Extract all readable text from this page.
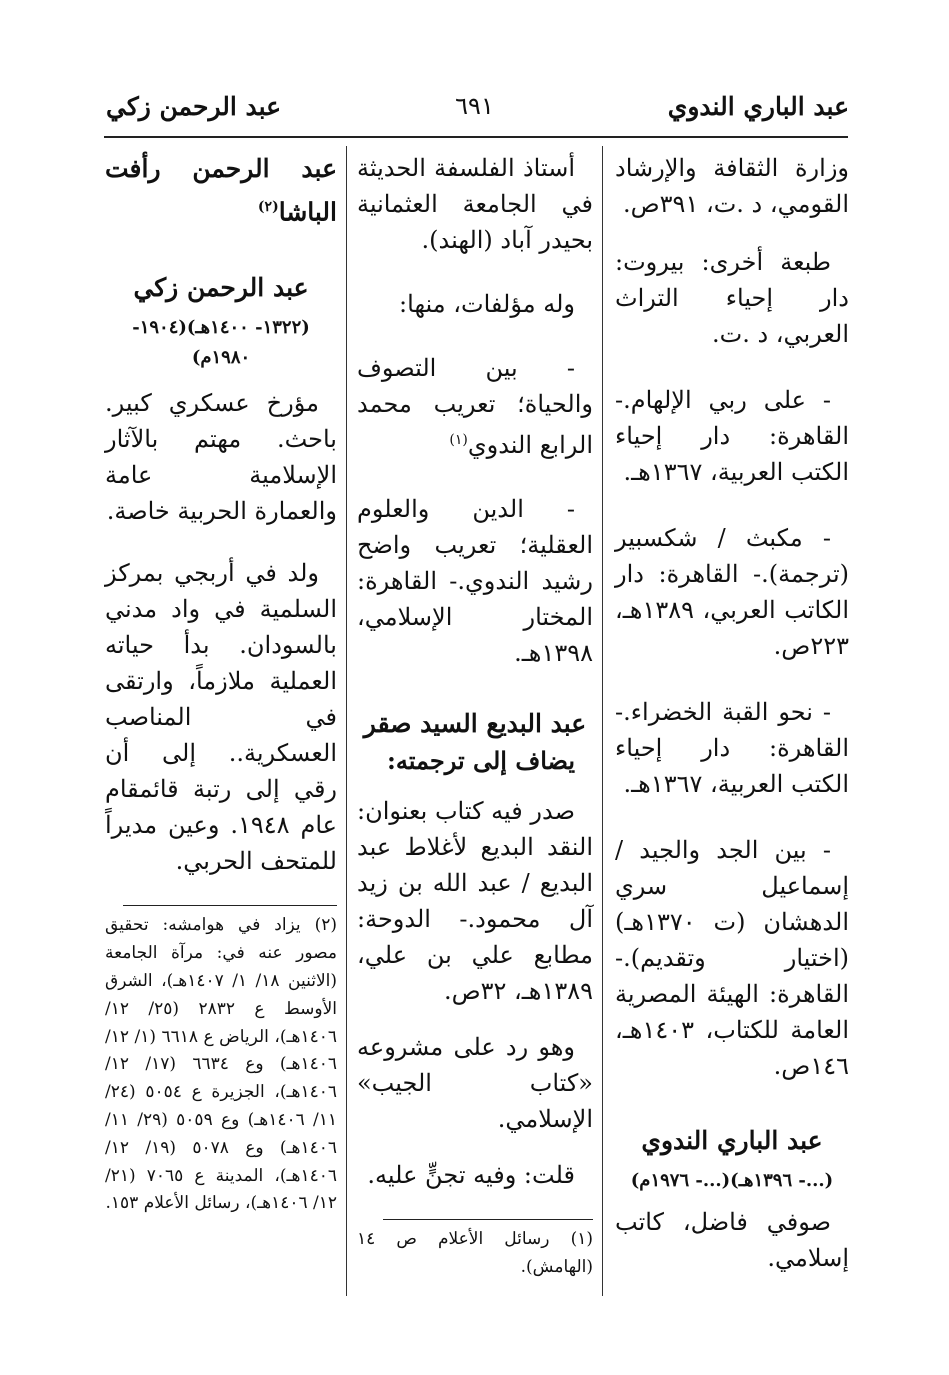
عبد الباري الندوي
٦٩١
عبد الرحمن زكي

وزارة الثقافة والإرشاد القومي، د .ت، ٣٩١ص.

طبعة أخرى: بيروت: دار إحياء التراث العربي، د .ت.

- على ربي الإلهام.- القاهرة: دار إحياء الكتب العربية، ١٣٦٧هـ.

- مكبث / شكسبير (ترجمة).- القاهرة: دار الكاتب العربي، ١٣٨٩هـ، ٢٢٣ص.

- نحو القبة الخضراء.- القاهرة: دار إحياء الكتب العربية، ١٣٦٧هـ.

- بين الجد والجيد / إسماعيل سري الدهشان (ت ١٣٧٠هـ) (اختيار وتقديم).- القاهرة: الهيئة المصرية العامة للكتاب، ١٤٠٣هـ، ١٤٦ص.

عبد الباري الندوي

(...- ١٣٩٦هـ)(...- ١٩٧٦م)

صوفي فاضل، كاتب إسلامي.

أستاذ الفلسفة الحديثة في الجامعة العثمانية بحيدر آباد (الهند).

وله مؤلفات، منها:

- بين التصوف والحياة؛ تعريب محمد الرابع الندوي$^{(١)}$

- الدين والعلوم العقلية؛ تعريب واضح رشيد الندوي.- القاهرة: المختار الإسلامي، ١٣٩٨هـ.

عبد البديع السيد صقر

يضاف إلى ترجمته:

صدر فيه كتاب بعنوان: النقد البديع لأغلاط عبد البديع / عبد الله بن زيد آل محمود.- الدوحة: مطابع علي بن علي، ١٣٨٩هـ، ٣٢ص.

وهو رد على مشروعه «كتاب الجيب» الإسلامي.

قلت: وفيه تجنٍّ عليه.

(١) رسائل الأعلام ص ١٤ (الهامش).

عبد الرحمن رأفت الباشا$^{(٢)}$

عبد الرحمن زكي

(١٣٢٢- ١٤٠٠هـ)(١٩٠٤- ١٩٨٠م)

مؤرخ عسكري كبير. باحث. مهتم بالآثار الإسلامية عامة والعمارة الحربية خاصة.

ولد في أربجي بمركز السلمية في واد مدني بالسودان. بدأ حياته العملية ملازماً، وارتقى في المناصب العسكرية.. إلى أن رقي إلى رتبة قائمقام عام ١٩٤٨. وعين مديراً للمتحف الحربي.

(٢) يزاد في هوامشه: تحقيق مصور عنه في: مرآة الجامعة (الاثنين ١٨/ ١/ ١٤٠٧هـ)، الشرق الأوسط ع ٢٨٣٢ (٢٥/ ١٢/ ١٤٠٦هـ)، الرياض ع ٦٦١٨ (١/ ١٢/ ١٤٠٦هـ) وع ٦٦٣٤ (١٧/ ١٢/ ١٤٠٦هـ)، الجزيرة ع ٥٠٥٤ (٢٤/ ١١/ ١٤٠٦هـ) وع ٥٠٥٩ (٢٩/ ١١/ ١٤٠٦هـ) وع ٥٠٧٨ (١٩/ ١٢/ ١٤٠٦هـ)، المدينة ع ٧٠٦٥ (٢١/ ١٢/ ١٤٠٦هـ)، رسائل الأعلام ١٥٣.
